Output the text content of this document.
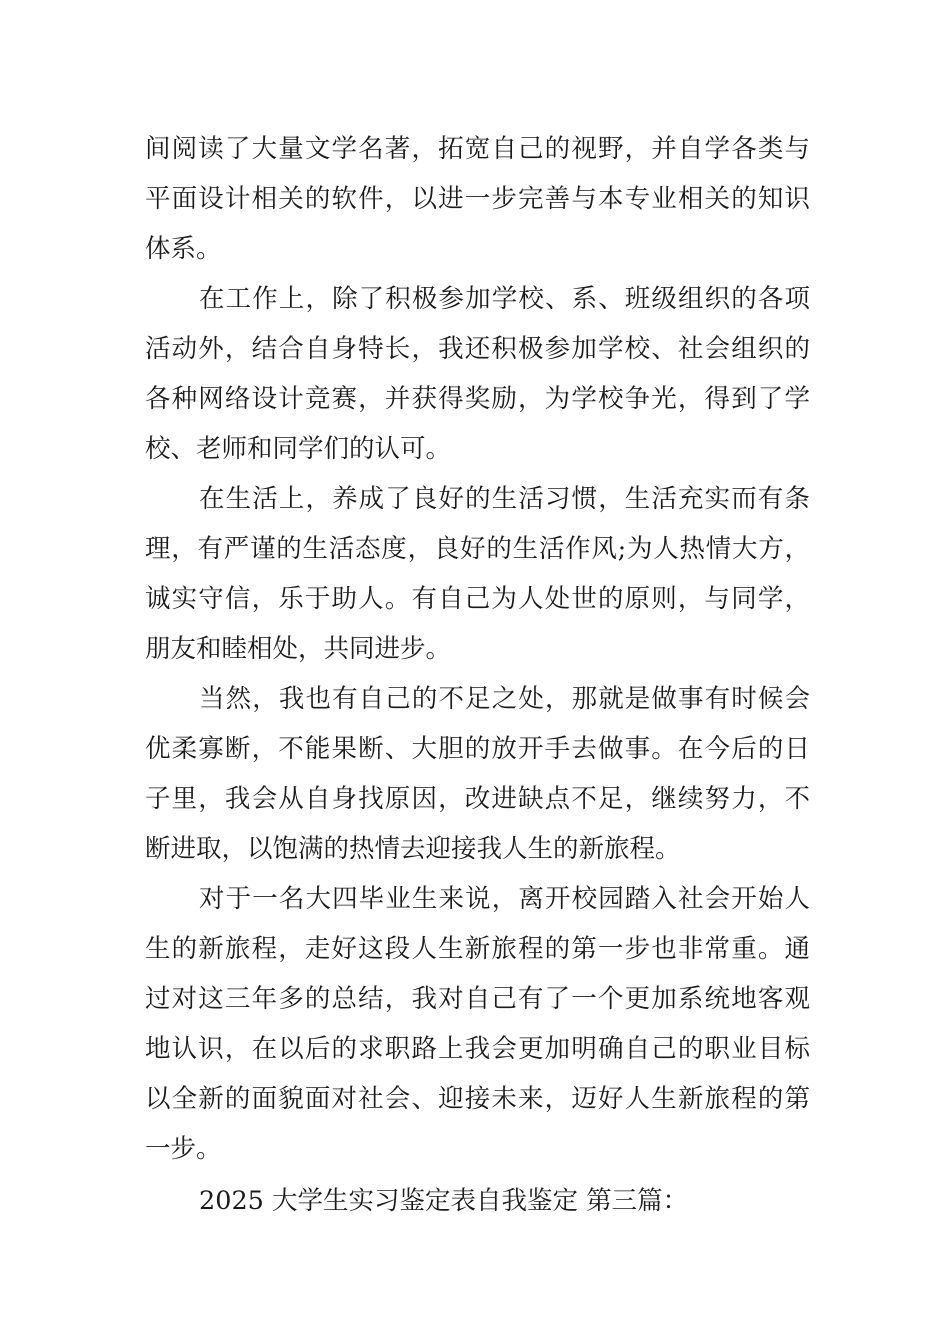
间阅读了大量文学名著，拓宽自己的视野，并自学各类与
平面设计相关的软件，以进一步完善与本专业相关的知识
体系。
在工作上，除了积极参加学校、系、班级组织的各项
活动外，结合自身特长，我还积极参加学校、社会组织的
各种网络设计竞赛，并获得奖励，为学校争光，得到了学
校、老师和同学们的认可。
在生活上，养成了良好的生活习惯，生活充实而有条
理，有严谨的生活态度，良好的生活作风;为人热情大方，
诚实守信，乐于助人。有自己为人处世的原则，与同学，
朋友和睦相处，共同进步。
当然，我也有自己的不足之处，那就是做事有时候会
优柔寡断，不能果断、大胆的放开手去做事。在今后的日
子里，我会从自身找原因，改进缺点不足，继续努力，不
断进取，以饱满的热情去迎接我人生的新旅程。
对于一名大四毕业生来说，离开校园踏入社会开始人
生的新旅程，走好这段人生新旅程的第一步也非常重。通
过对这三年多的总结，我对自己有了一个更加系统地客观
地认识，在以后的求职路上我会更加明确自己的职业目标
以全新的面貌面对社会、迎接未来，迈好人生新旅程的第
一步。
2025 大学生实习鉴定表自我鉴定 第三篇：
